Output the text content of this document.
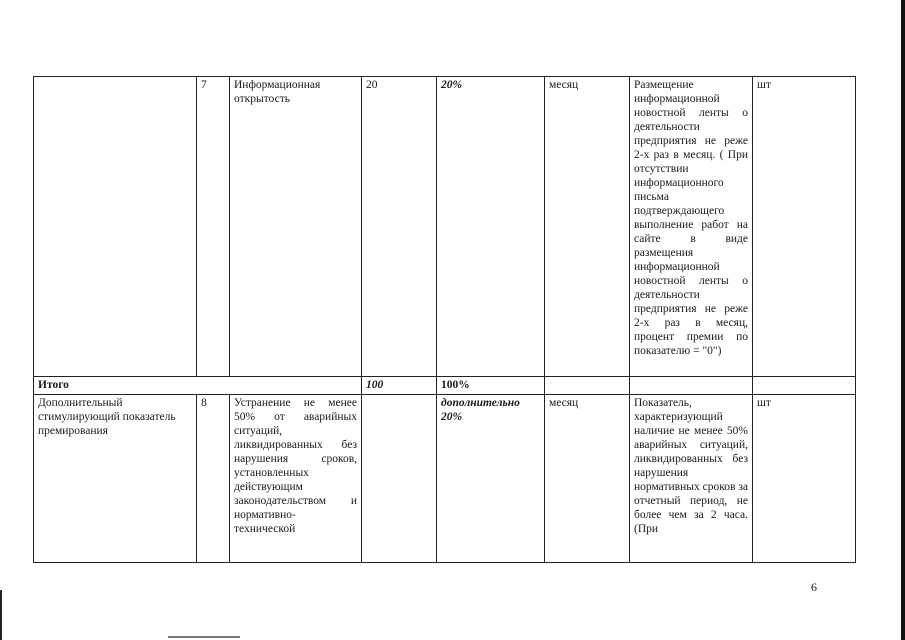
	7	Информационная открытость	20	20%	месяц	Размещение информационной новостной ленты о деятельности предприятия не реже 2-х раз в месяц. ( При отсутствии информационного письма подтверждающего выполнение работ на сайте в виде размещения информационной новостной ленты о деятельности предприятия не реже 2-х раз в месяц, процент премии по показателю = "0")	шт
Итого			100	100%			
Дополнительный стимулирующий показатель премирования	8	Устранение не менее 50% от аварийных ситуаций, ликвидированных без нарушения сроков, установленных действующим законодательством и нормативно-технической		дополнительно 20%	месяц	Показатель, характеризующий наличие не менее 50% аварийных ситуаций, ликвидированных без нарушения нормативных сроков за отчетный период, не более чем за 2 часа. (При	шт
6
